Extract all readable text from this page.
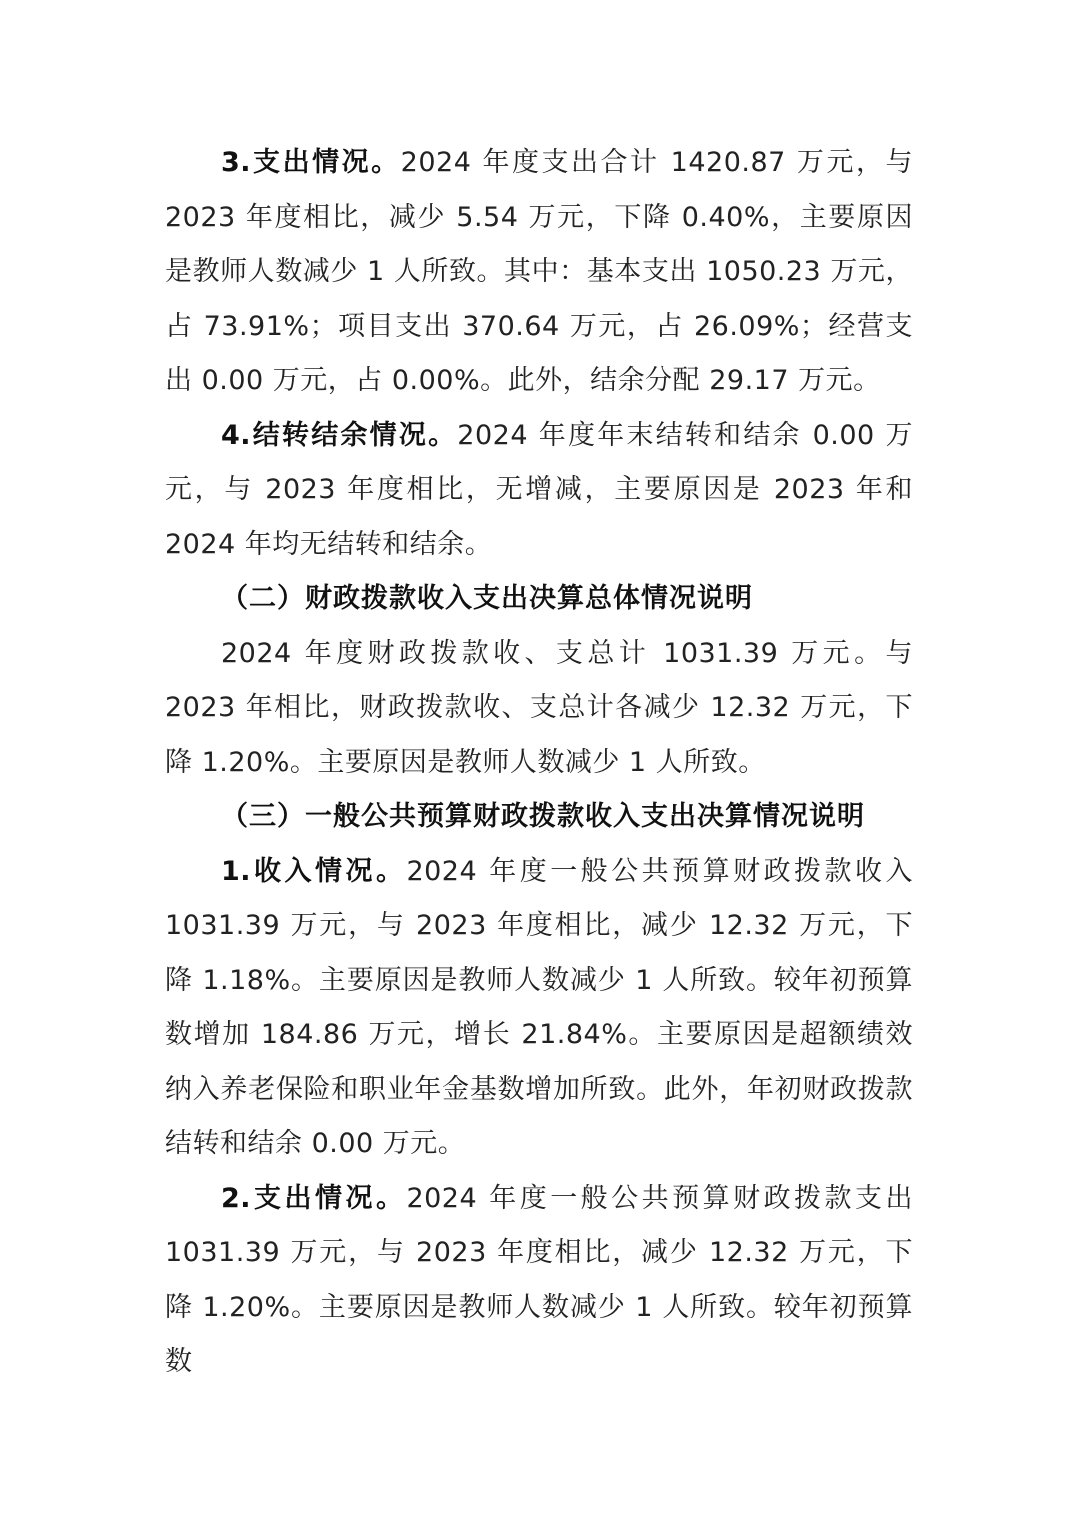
3.支出情况。2024 年度支出合计 1420.87 万元，与 2023 年度相比，减少 5.54 万元，下降 0.40%，主要原因是教师人数减少 1 人所致。其中：基本支出 1050.23 万元，占 73.91%；项目支出 370.64 万元，占 26.09%；经营支出 0.00 万元，占 0.00%。此外，结余分配 29.17 万元。

4.结转结余情况。2024 年度年末结转和结余 0.00 万元，与 2023 年度相比，无增减，主要原因是 2023 年和 2024 年均无结转和结余。

（二）财政拨款收入支出决算总体情况说明

2024 年度财政拨款收、支总计 1031.39 万元。与 2023 年相比，财政拨款收、支总计各减少 12.32 万元，下降 1.20%。主要原因是教师人数减少 1 人所致。

（三）一般公共预算财政拨款收入支出决算情况说明

1.收入情况。2024 年度一般公共预算财政拨款收入 1031.39 万元，与 2023 年度相比，减少 12.32 万元，下降 1.18%。主要原因是教师人数减少 1 人所致。较年初预算数增加 184.86 万元，增长 21.84%。主要原因是超额绩效纳入养老保险和职业年金基数增加所致。此外，年初财政拨款结转和结余 0.00 万元。

2.支出情况。2024 年度一般公共预算财政拨款支出 1031.39 万元，与 2023 年度相比，减少 12.32 万元，下降 1.20%。主要原因是教师人数减少 1 人所致。较年初预算数
